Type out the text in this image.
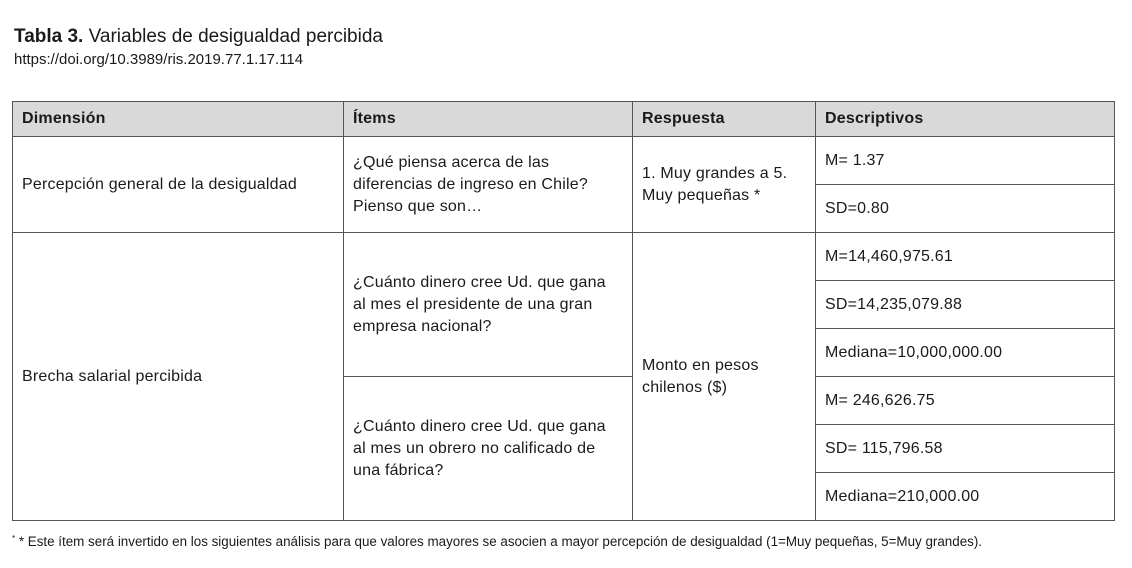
Tabla 3. Variables de desigualdad percibida
https://doi.org/10.3989/ris.2019.77.1.17.114
Dimensión	Ítems	Respuesta	Descriptivos
Percepción general de la desigualdad	¿Qué piensa acerca de las diferencias de ingreso en Chile? Pienso que son…	1. Muy grandes a 5. Muy pequeñas *	M= 1.37
			SD=0.80
Brecha salarial percibida	¿Cuánto dinero cree Ud. que gana al mes el presidente de una gran empresa nacional?	Monto en pesos chilenos ($)	M=14,460,975.61
			SD=14,235,079.88
			Mediana=10,000,000.00
	¿Cuánto dinero cree Ud. que gana al mes un obrero no calificado de una fábrica?		M= 246,626.75
			SD= 115,796.58
			Mediana=210,000.00
* * Este ítem será invertido en los siguientes análisis para que valores mayores se asocien a mayor percepción de desigualdad (1=Muy pequeñas, 5=Muy grandes).
